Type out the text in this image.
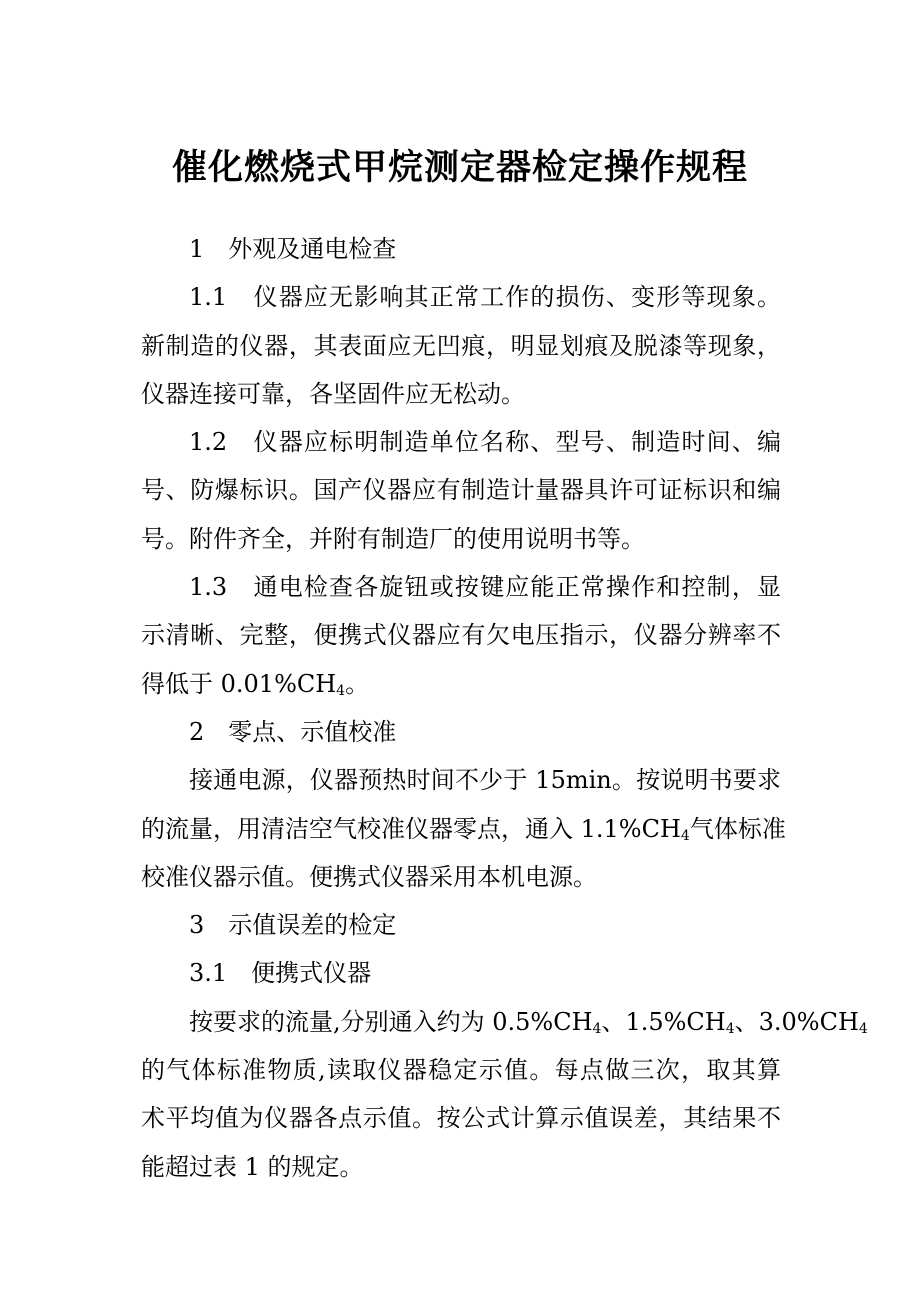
催化燃烧式甲烷测定器检定操作规程
1　外观及通电检查
1.1　仪器应无影响其正常工作的损伤、变形等现象。
新制造的仪器，其表面应无凹痕，明显划痕及脱漆等现象，
仪器连接可靠，各坚固件应无松动。
1.2　仪器应标明制造单位名称、型号、制造时间、编
号、防爆标识。国产仪器应有制造计量器具许可证标识和编
号。附件齐全，并附有制造厂的使用说明书等。
1.3　通电检查各旋钮或按键应能正常操作和控制，显
示清晰、完整，便携式仪器应有欠电压指示，仪器分辨率不
得低于 $0.01\%CH_4$。
2　零点、示值校准
接通电源，仪器预热时间不少于 15min。按说明书要求
的流量，用清洁空气校准仪器零点，通入 $1.1\%CH_4$气体标准
校准仪器示值。便携式仪器采用本机电源。
3　示值误差的检定
3.1　便携式仪器
按要求的流量,分别通入约为 $0.5\%CH_4$、$1.5\%CH_4$、$3.0\%CH_4$
的气体标准物质,读取仪器稳定示值。每点做三次，取其算
术平均值为仪器各点示值。按公式计算示值误差，其结果不
能超过表 1 的规定。
